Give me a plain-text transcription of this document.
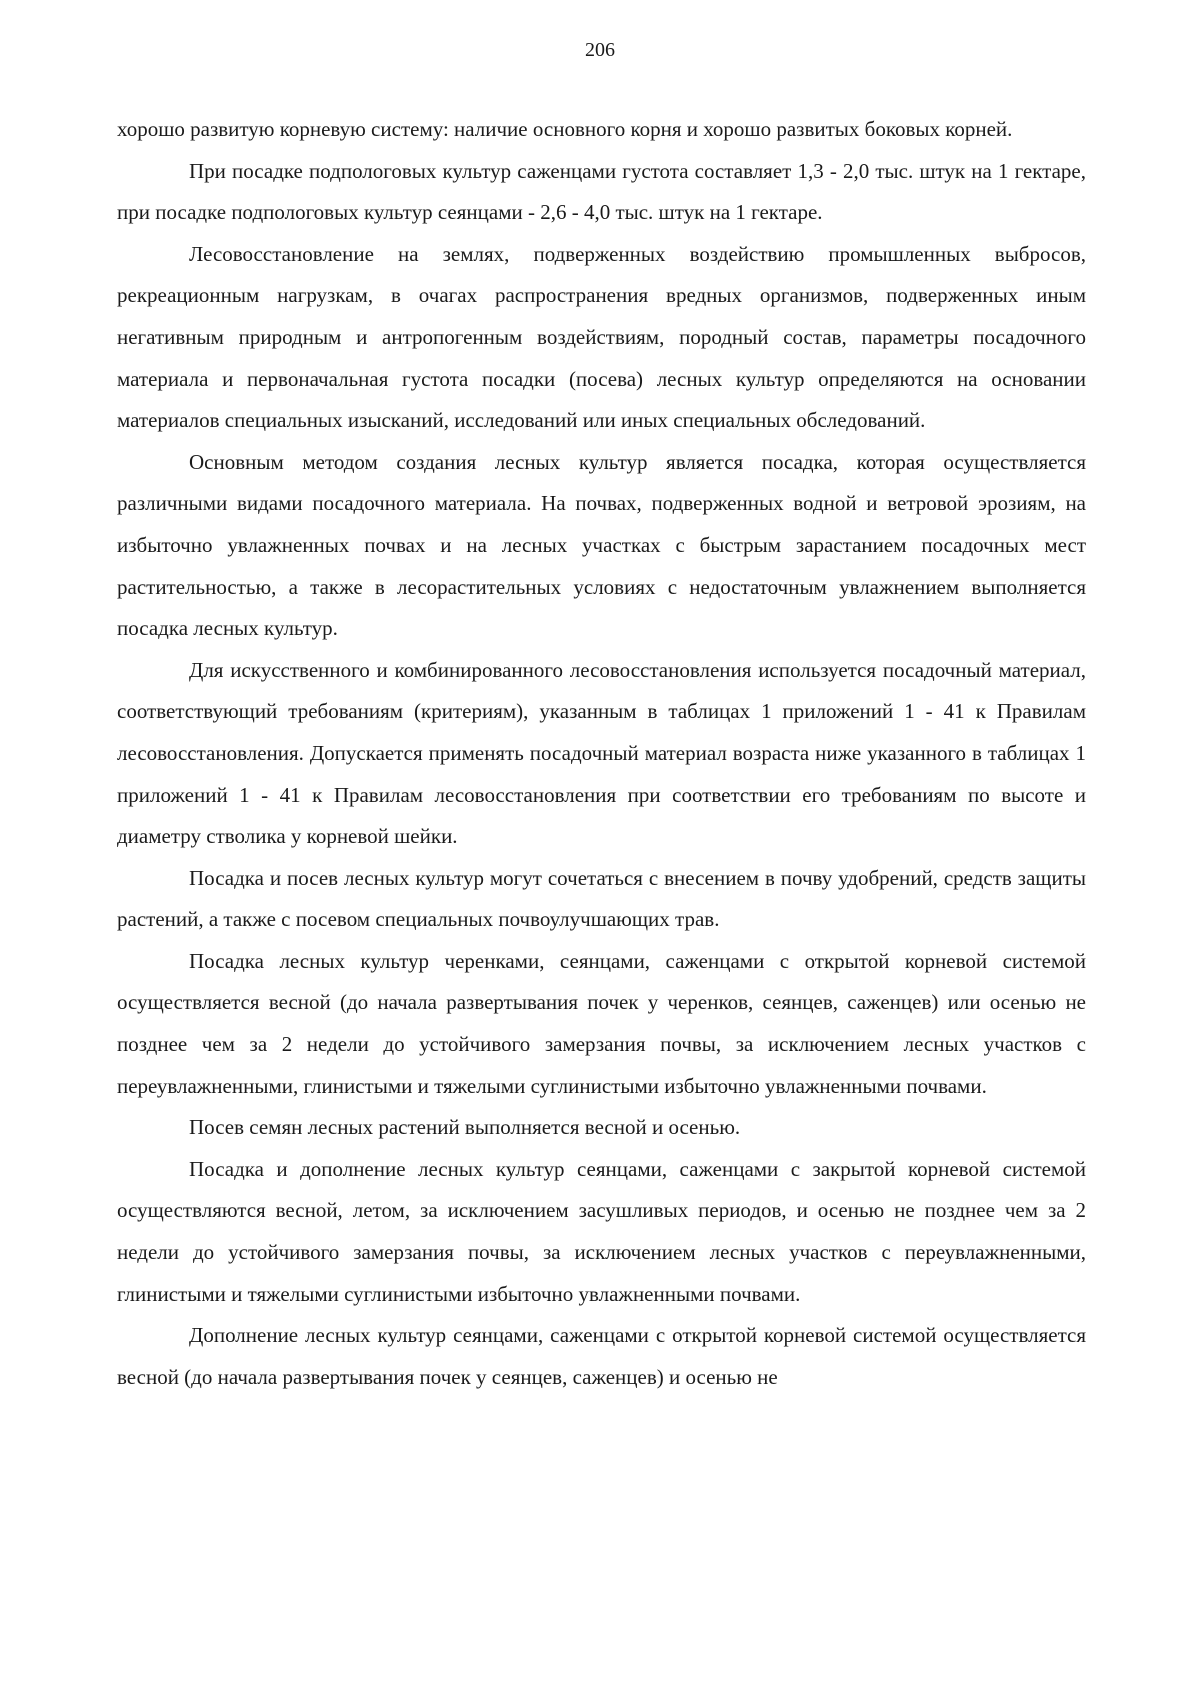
206

хорошо развитую корневую систему: наличие основного корня и хорошо развитых боковых корней.

При посадке подпологовых культур саженцами густота составляет 1,3 - 2,0 тыс. штук на 1 гектаре, при посадке подпологовых культур сеянцами - 2,6 - 4,0 тыс. штук на 1 гектаре.

Лесовосстановление на землях, подверженных воздействию промышленных выбросов, рекреационным нагрузкам, в очагах распространения вредных организмов, подверженных иным негативным природным и антропогенным воздействиям, породный состав, параметры посадочного материала и первоначальная густота посадки (посева) лесных культур определяются на основании материалов специальных изысканий, исследований или иных специальных обследований.

Основным методом создания лесных культур является посадка, которая осуществляется различными видами посадочного материала. На почвах, подверженных водной и ветровой эрозиям, на избыточно увлажненных почвах и на лесных участках с быстрым зарастанием посадочных мест растительностью, а также в лесорастительных условиях с недостаточным увлажнением выполняется посадка лесных культур.

Для искусственного и комбинированного лесовосстановления используется посадочный материал, соответствующий требованиям (критериям), указанным в таблицах 1 приложений 1 - 41 к Правилам лесовосстановления. Допускается применять посадочный материал возраста ниже указанного в таблицах 1 приложений 1 - 41 к Правилам лесовосстановления при соответствии его требованиям по высоте и диаметру стволика у корневой шейки.

Посадка и посев лесных культур могут сочетаться с внесением в почву удобрений, средств защиты растений, а также с посевом специальных почвоулучшающих трав.

Посадка лесных культур черенками, сеянцами, саженцами с открытой корневой системой осуществляется весной (до начала развертывания почек у черенков, сеянцев, саженцев) или осенью не позднее чем за 2 недели до устойчивого замерзания почвы, за исключением лесных участков с переувлажненными, глинистыми и тяжелыми суглинистыми избыточно увлажненными почвами.

Посев семян лесных растений выполняется весной и осенью.

Посадка и дополнение лесных культур сеянцами, саженцами с закрытой корневой системой осуществляются весной, летом, за исключением засушливых периодов, и осенью не позднее чем за 2 недели до устойчивого замерзания почвы, за исключением лесных участков с переувлажненными, глинистыми и тяжелыми суглинистыми избыточно увлажненными почвами.

Дополнение лесных культур сеянцами, саженцами с открытой корневой системой осуществляется весной (до начала развертывания почек у сеянцев, саженцев) и осенью не
